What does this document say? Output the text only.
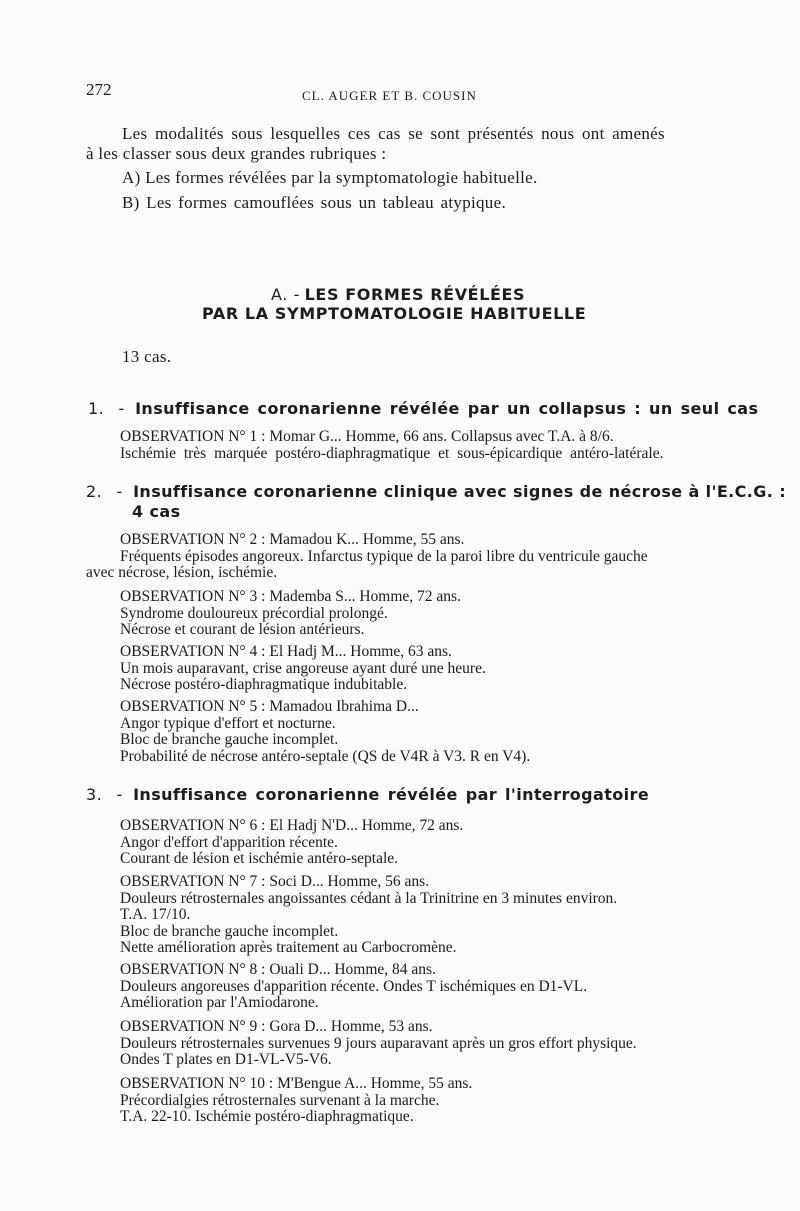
272	CL. AUGER ET B. COUSIN
Les modalités sous lesquelles ces cas se sont présentés nous ont amenés
à les classer sous deux grandes rubriques :
A) Les formes révélées par la symptomatologie habituelle.
B) Les formes camouflées sous un tableau atypique.
A. - LES FORMES RÉVÉLÉES
PAR LA SYMPTOMATOLOGIE HABITUELLE
13 cas.
1. - Insuffisance coronarienne révélée par un collapsus : un seul cas
OBSERVATION N° 1 : Momar G... Homme, 66 ans. Collapsus avec T.A. à 8/6.
Ischémie très marquée postéro-diaphragmatique et sous-épicardique antéro-latérale.
2. - Insuffisance coronarienne clinique avec signes de nécrose à l'E.C.G. :
4 cas
OBSERVATION N° 2 : Mamadou K... Homme, 55 ans.
Fréquents épisodes angoreux. Infarctus typique de la paroi libre du ventricule gauche
avec nécrose, lésion, ischémie.
OBSERVATION N° 3 : Mademba S... Homme, 72 ans.
Syndrome douloureux précordial prolongé.
Nécrose et courant de lésion antérieurs.
OBSERVATION N° 4 : El Hadj M... Homme, 63 ans.
Un mois auparavant, crise angoreuse ayant duré une heure.
Nécrose postéro-diaphragmatique indubitable.
OBSERVATION N° 5 : Mamadou Ibrahima D...
Angor typique d'effort et nocturne.
Bloc de branche gauche incomplet.
Probabilité de nécrose antéro-septale (QS de V4R à V3. R en V4).
3. - Insuffisance coronarienne révélée par l'interrogatoire
OBSERVATION N° 6 : El Hadj N'D... Homme, 72 ans.
Angor d'effort d'apparition récente.
Courant de lésion et ischémie antéro-septale.
OBSERVATION N° 7 : Soci D... Homme, 56 ans.
Douleurs rétrosternales angoissantes cédant à la Trinitrine en 3 minutes environ.
T.A. 17/10.
Bloc de branche gauche incomplet.
Nette amélioration après traitement au Carbocromène.
OBSERVATION N° 8 : Ouali D... Homme, 84 ans.
Douleurs angoreuses d'apparition récente. Ondes T ischémiques en D1-VL.
Amélioration par l'Amiodarone.
OBSERVATION N° 9 : Gora D... Homme, 53 ans.
Douleurs rétrosternales survenues 9 jours auparavant après un gros effort physique.
Ondes T plates en D1-VL-V5-V6.
OBSERVATION N° 10 : M'Bengue A... Homme, 55 ans.
Précordialgies rétrosternales survenant à la marche.
T.A. 22-10. Ischémie postéro-diaphragmatique.
